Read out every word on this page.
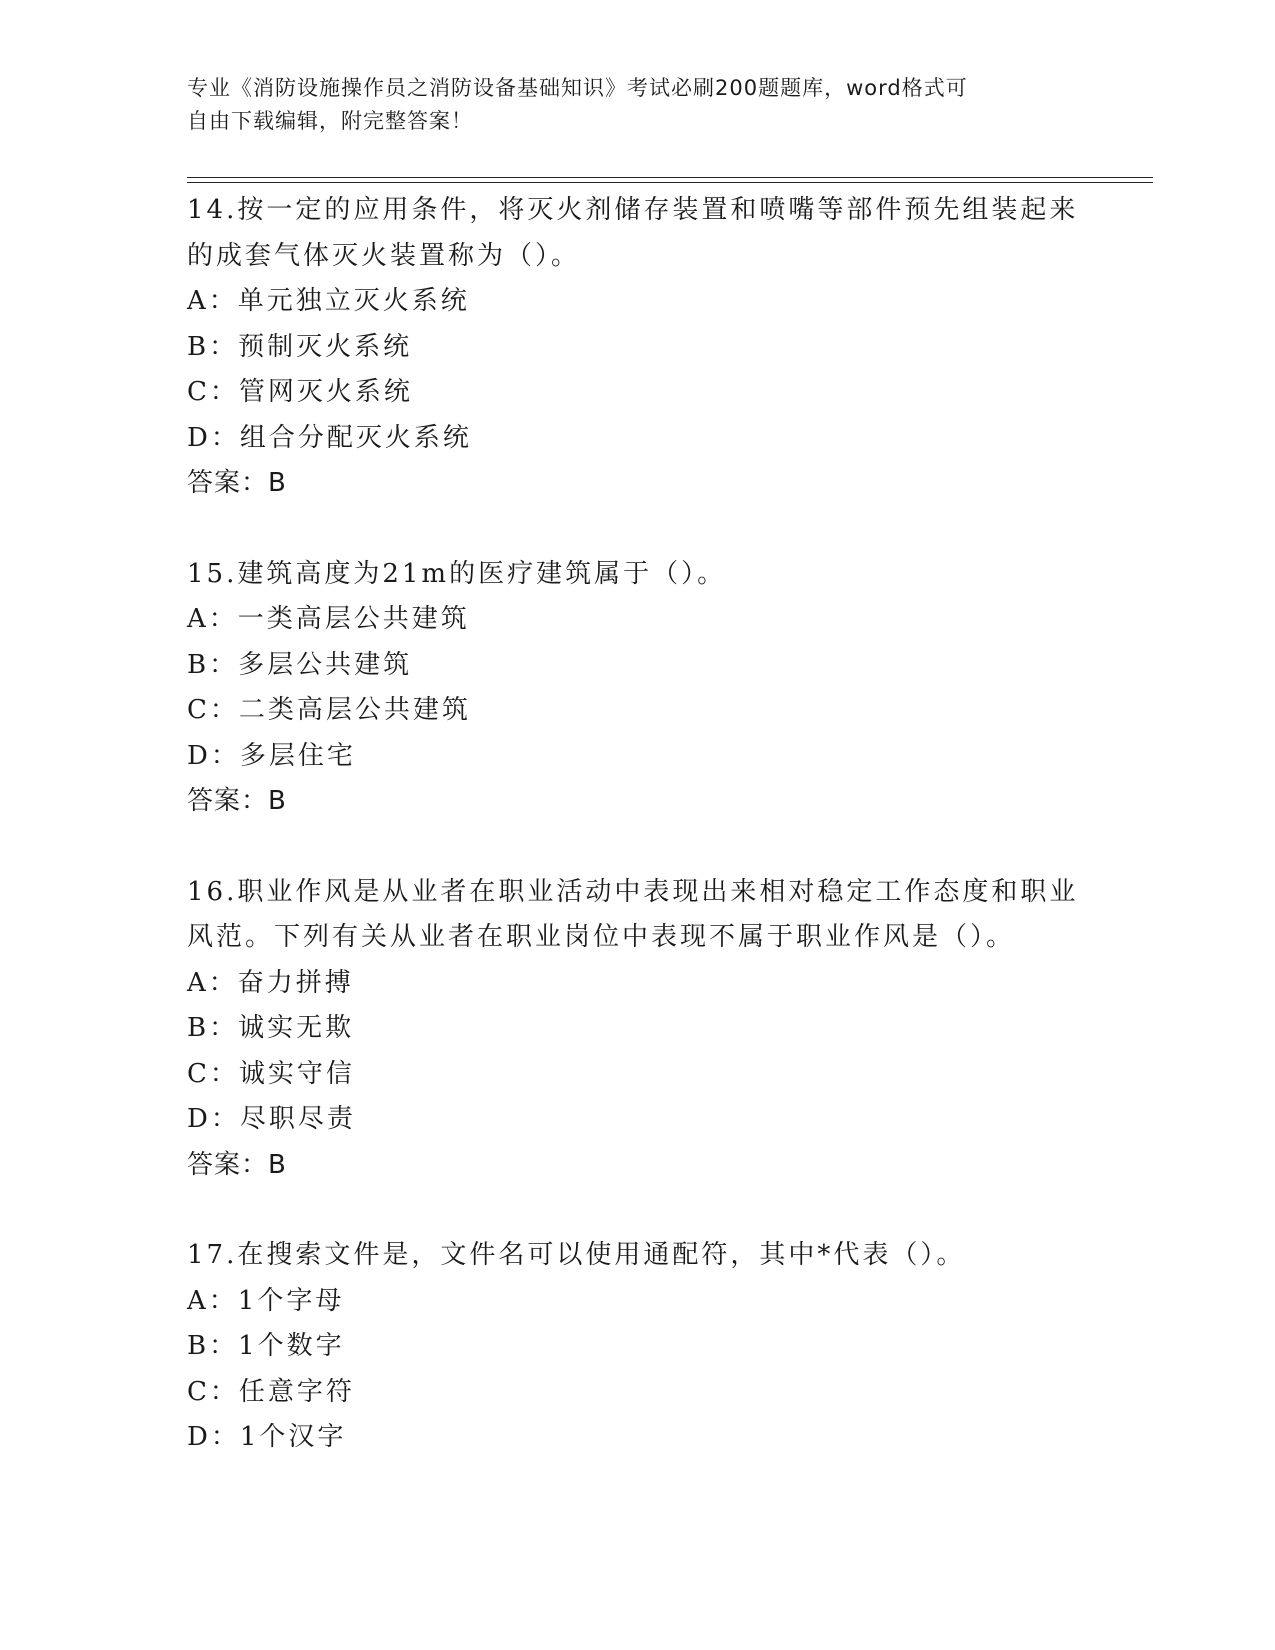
专业《消防设施操作员之消防设备基础知识》考试必刷200题题库，word格式可
自由下载编辑，附完整答案！
14.按一定的应用条件，将灭火剂储存装置和喷嘴等部件预先组装起来
的成套气体灭火装置称为（）。
A：单元独立灭火系统
B：预制灭火系统
C：管网灭火系统
D：组合分配灭火系统
答案：B
15.建筑高度为21m的医疗建筑属于（）。
A：一类高层公共建筑
B：多层公共建筑
C：二类高层公共建筑
D：多层住宅
答案：B
16.职业作风是从业者在职业活动中表现出来相对稳定工作态度和职业
风范。下列有关从业者在职业岗位中表现不属于职业作风是（）。
A：奋力拼搏
B：诚实无欺
C：诚实守信
D：尽职尽责
答案：B
17.在搜索文件是，文件名可以使用通配符，其中*代表（）。
A：1个字母
B：1个数字
C：任意字符
D：1个汉字
